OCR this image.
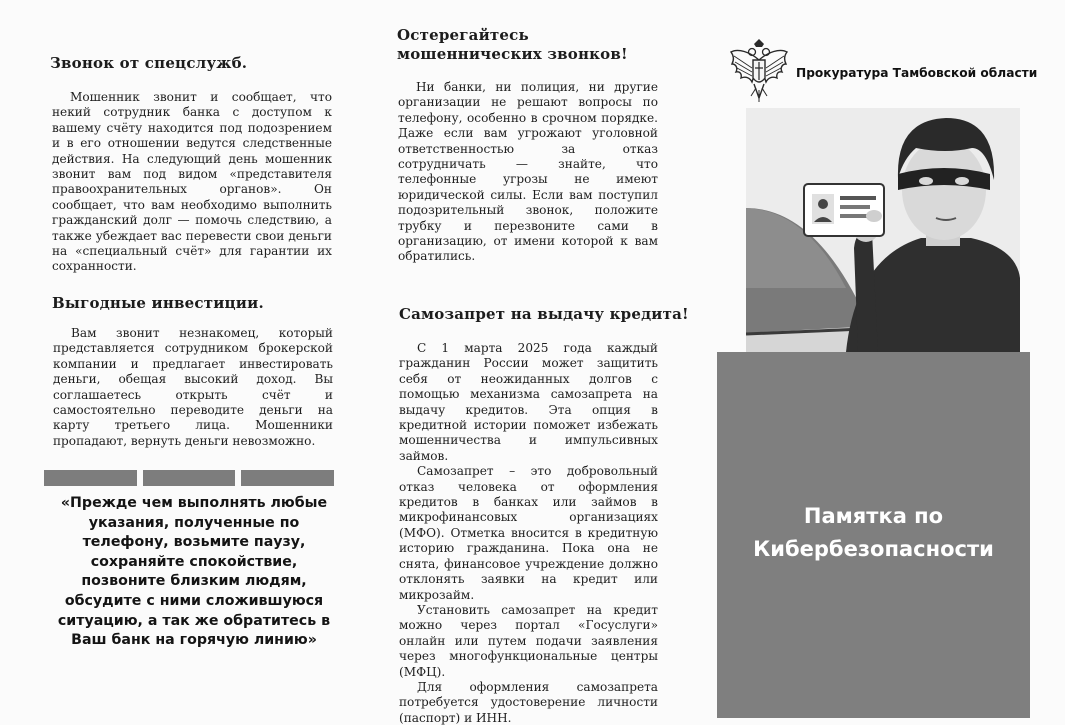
Звонок от спецслужб.

Мошенник звонит и сообщает, что некий сотрудник банка с доступом к вашему счёту находится под подозрением и в его отношении ведутся следственные действия. На следующий день мошенник звонит вам под видом «представителя правоохранительных органов». Он сообщает, что вам необходимо выполнить гражданский долг — помочь следствию, а также убеждает вас перевести свои деньги на «специальный счёт» для гарантии их сохранности.

Выгодные инвестиции.

Вам звонит незнакомец, который представляется сотрудником брокерской компании и предлагает инвестировать деньги, обещая высокий доход. Вы соглашаетесь открыть счёт и самостоятельно переводите деньги на карту третьего лица. Мошенники пропадают, вернуть деньги невозможно.

«Прежде чем выполнять любые указания, полученные по телефону, возьмите паузу, сохраняйте спокойствие, позвоните близким людям, обсудите с ними сложившуюся ситуацию, а так же обратитесь в Ваш банк на горячую линию»
Остерегайтесь мошеннических звонков!

Ни банки, ни полиция, ни другие организации не решают вопросы по телефону, особенно в срочном порядке. Даже если вам угрожают уголовной ответственностью за отказ сотрудничать — знайте, что телефонные угрозы не имеют юридической силы. Если вам поступил подозрительный звонок, положите трубку и перезвоните сами в организацию, от имени которой к вам обратились.

Самозапрет на выдачу кредита!

С 1 марта 2025 года каждый гражданин России может защитить себя от неожиданных долгов с помощью механизма самозапрета на выдачу кредитов. Эта опция в кредитной истории поможет избежать мошенничества и импульсивных займов.

Самозапрет – это добровольный отказ человека от оформления кредитов в банках или займов в микрофинансовых организациях (МФО). Отметка вносится в кредитную историю гражданина. Пока она не снята, финансовое учреждение должно отклонять заявки на кредит или микрозайм.

Установить самозапрет на кредит можно через портал «Госуслуги» онлайн или путем подачи заявления через многофункциональные центры (МФЦ).

Для оформления самозапрета потребуется удостоверение личности (паспорт) и ИНН.

Прокуратура Тамбовской области
Памятка по
Кибербезопасности
